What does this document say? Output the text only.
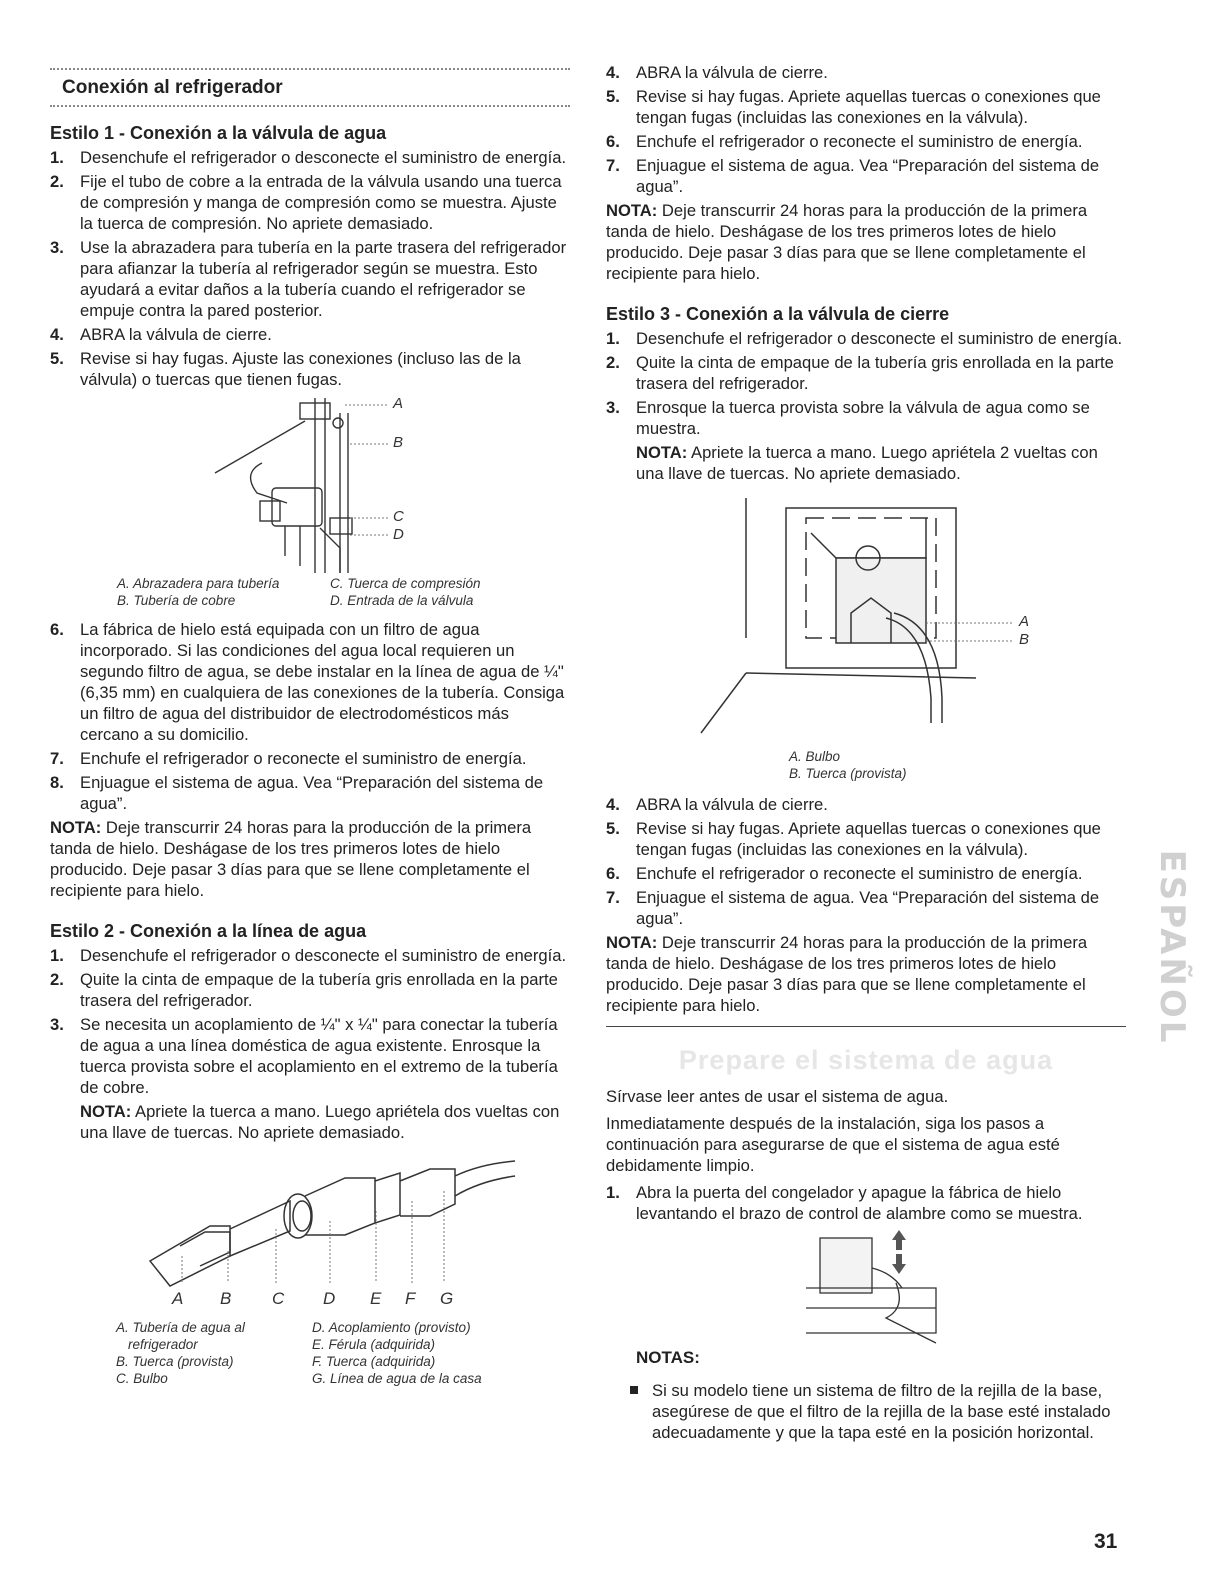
Conexión al refrigerador
Estilo 1 - Conexión a la válvula de agua
1. Desenchufe el refrigerador o desconecte el suministro de energía.
2. Fije el tubo de cobre a la entrada de la válvula usando una tuerca de compresión y manga de compresión como se muestra. Ajuste la tuerca de compresión. No apriete demasiado.
3. Use la abrazadera para tubería en la parte trasera del refrigerador para afianzar la tubería al refrigerador según se muestra. Esto ayudará a evitar daños a la tubería cuando el refrigerador se empuje contra la pared posterior.
4. ABRA la válvula de cierre.
5. Revise si hay fugas. Ajuste las conexiones (incluso las de la válvula) o tuercas que tienen fugas.
A
B
C
D
A. Abrazadera para tubería
B. Tubería de cobre
C. Tuerca de compresión
D. Entrada de la válvula
6. La fábrica de hielo está equipada con un filtro de agua incorporado. Si las condiciones del agua local requieren un segundo filtro de agua, se debe instalar en la línea de agua de ¼" (6,35 mm) en cualquiera de las conexiones de la tubería. Consiga un filtro de agua del distribuidor de electrodomésticos más cercano a su domicilio.
7. Enchufe el refrigerador o reconecte el suministro de energía.
8. Enjuague el sistema de agua. Vea “Preparación del sistema de agua”.

NOTA: Deje transcurrir 24 horas para la producción de la primera tanda de hielo. Deshágase de los tres primeros lotes de hielo producido. Deje pasar 3 días para que se llene completamente el recipiente para hielo.

Estilo 2 - Conexión a la línea de agua
1. Desenchufe el refrigerador o desconecte el suministro de energía.
2. Quite la cinta de empaque de la tubería gris enrollada en la parte trasera del refrigerador.
3. Se necesita un acoplamiento de ¼" x ¼" para conectar la tubería de agua a una línea doméstica de agua existente. Enrosque la tuerca provista sobre el acoplamiento en el extremo de la tubería de cobre.

NOTA: Apriete la tuerca a mano. Luego apriétela dos vueltas con una llave de tuercas. No apriete demasiado.

A B C D E F G
A. Tubería de agua al
refrigerador
B. Tuerca (provista)
C. Bulbo
D. Acoplamiento (provisto)
E. Férula (adquirida)
F. Tuerca (adquirida)
G. Línea de agua de la casa
4. ABRA la válvula de cierre.
5. Revise si hay fugas. Apriete aquellas tuercas o conexiones que tengan fugas (incluidas las conexiones en la válvula).
6. Enchufe el refrigerador o reconecte el suministro de energía.
7. Enjuague el sistema de agua. Vea “Preparación del sistema de agua”.

NOTA: Deje transcurrir 24 horas para la producción de la primera tanda de hielo. Deshágase de los tres primeros lotes de hielo producido. Deje pasar 3 días para que se llene completamente el recipiente para hielo.

Estilo 3 - Conexión a la válvula de cierre
1. Desenchufe el refrigerador o desconecte el suministro de energía.
2. Quite la cinta de empaque de la tubería gris enrollada en la parte trasera del refrigerador.
3. Enrosque la tuerca provista sobre la válvula de agua como se muestra.

NOTA: Apriete la tuerca a mano. Luego apriétela 2 vueltas con una llave de tuercas. No apriete demasiado.

A
B
A. Bulbo
B. Tuerca (provista)
4. ABRA la válvula de cierre.
5. Revise si hay fugas. Apriete aquellas tuercas o conexiones que tengan fugas (incluidas las conexiones en la válvula).
6. Enchufe el refrigerador o reconecte el suministro de energía.
7. Enjuague el sistema de agua. Vea “Preparación del sistema de agua”.

NOTA: Deje transcurrir 24 horas para la producción de la primera tanda de hielo. Deshágase de los tres primeros lotes de hielo producido. Deje pasar 3 días para que se llene completamente el recipiente para hielo.

Prepare el sistema de agua

Sírvase leer antes de usar el sistema de agua.

Inmediatamente después de la instalación, siga los pasos a continuación para asegurarse de que el sistema de agua esté debidamente limpio.

1. Abra la puerta del congelador y apague la fábrica de hielo levantando el brazo de control de alambre como se muestra.
NOTAS:
Si su modelo tiene un sistema de filtro de la rejilla de la base, asegúrese de que el filtro de la rejilla de la base esté instalado adecuadamente y que la tapa esté en la posición horizontal.
ESPAÑOL
31
